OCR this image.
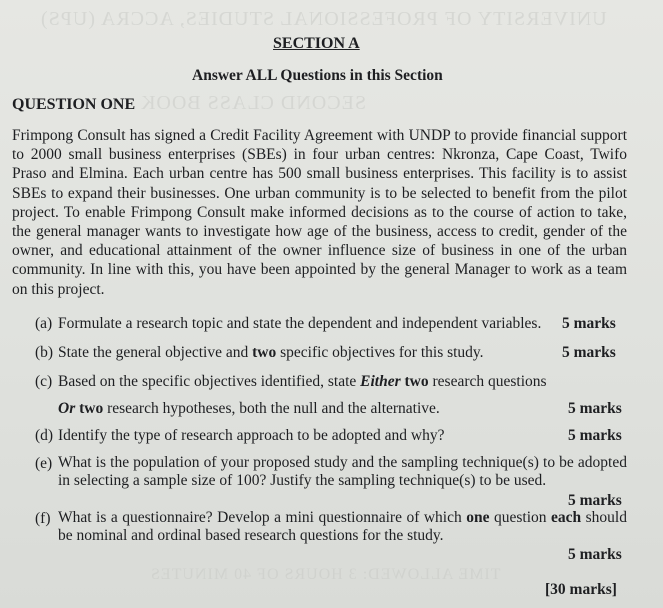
UNIVERSITY OF PROFESSIONAL STUDIES, ACCRA (UPS)
SECOND CLASS BOOK
TIME ALLOWED: 3 HOURS OF 40 MINUTES
SECTION A
Answer ALL Questions in this Section
QUESTION ONE
Frimpong Consult has signed a Credit Facility Agreement with UNDP to provide financial support to 2000 small business enterprises (SBEs) in four urban centres: Nkronza, Cape Coast, Twifo Praso and Elmina. Each urban centre has 500 small business enterprises. This facility is to assist SBEs to expand their businesses. One urban community is to be selected to benefit from the pilot project. To enable Frimpong Consult make informed decisions as to the course of action to take, the general manager wants to investigate how age of the business, access to credit, gender of the owner, and educational attainment of the owner influence size of business in one of the urban community. In line with this, you have been appointed by the general Manager to work as a team on this project.
(a) Formulate a research topic and state the dependent and independent variables. 5 marks
(b) State the general objective and two specific objectives for this study.	5 marks
(c) Based on the specific objectives identified, state Either two research questions
Or two research hypotheses, both the null and the alternative.	5 marks
(d) Identify the type of research approach to be adopted and why?	5 marks
(e) What is the population of your proposed study and the sampling technique(s) to be adopted in selecting a sample size of 100? Justify the sampling technique(s) to be used.
5 marks
(f) What is a questionnaire? Develop a mini questionnaire of which one question each should be nominal and ordinal based research questions for the study.
5 marks
[30 marks]
